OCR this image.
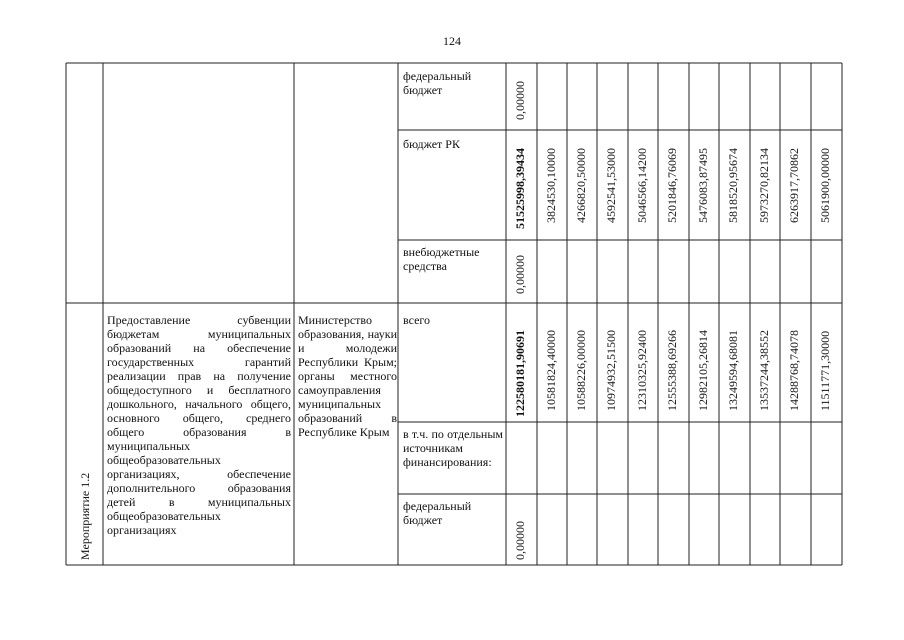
124
федеральный бюджет
бюджет РК
внебюджетные средства
Предоставление субвенции бюджетам муниципальных образований на обеспечение государственных гарантий реализации прав на получение общедоступного и бесплатного дошкольного, начального общего, основного общего, среднего общего образования в муниципальных общеобразовательных организациях, обеспечение дополнительного образования детей в муниципальных общеобразовательных организациях
Министерство образования, науки и молодежи Республики Крым; органы местного самоуправления муниципальных образований в Республике Крым
всего
в т.ч. по отдельным источникам финансирования:
федеральный бюджет
Мероприятие 1.2
0,00000
51525998,39434 3824530,10000 4266820,50000 4592541,53000 5046566,14200 5201846,76069 5476083,87495 5818520,95674 5973270,82134 6263917,70862 5061900,00000
0,00000
122580181,90691 10581824,40000 10588226,00000 10974932,51500 12310325,92400 12555388,69266 12982105,26814 13249594,68081 13537244,38552 14288768,74078 11511771,30000
0,00000
